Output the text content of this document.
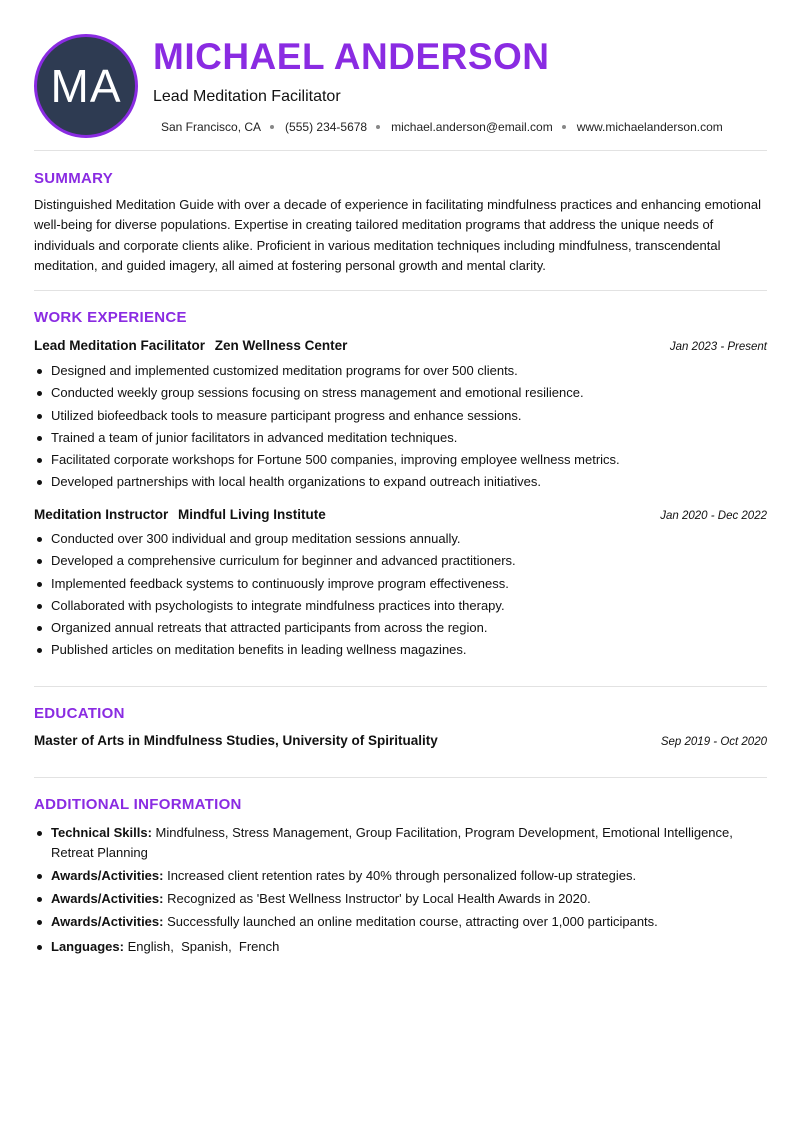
MA
MICHAEL ANDERSON
Lead Meditation Facilitator
San Francisco, CA (555) 234-5678 michael.anderson@email.com www.michaelanderson.com
SUMMARY
Distinguished Meditation Guide with over a decade of experience in facilitating mindfulness practices and enhancing emotional well-being for diverse populations. Expertise in creating tailored meditation programs that address the unique needs of individuals and corporate clients alike. Proficient in various meditation techniques including mindfulness, transcendental meditation, and guided imagery, all aimed at fostering personal growth and mental clarity.
WORK EXPERIENCE
Lead Meditation Facilitator Zen Wellness Center	Jan 2023 - Present
Designed and implemented customized meditation programs for over 500 clients.
Conducted weekly group sessions focusing on stress management and emotional resilience.
Utilized biofeedback tools to measure participant progress and enhance sessions.
Trained a team of junior facilitators in advanced meditation techniques.
Facilitated corporate workshops for Fortune 500 companies, improving employee wellness metrics.
Developed partnerships with local health organizations to expand outreach initiatives.
Meditation Instructor Mindful Living Institute	Jan 2020 - Dec 2022
Conducted over 300 individual and group meditation sessions annually.
Developed a comprehensive curriculum for beginner and advanced practitioners.
Implemented feedback systems to continuously improve program effectiveness.
Collaborated with psychologists to integrate mindfulness practices into therapy.
Organized annual retreats that attracted participants from across the region.
Published articles on meditation benefits in leading wellness magazines.
EDUCATION
Master of Arts in Mindfulness Studies, University of Spirituality	Sep 2019 - Oct 2020
ADDITIONAL INFORMATION
Technical Skills: Mindfulness, Stress Management, Group Facilitation, Program Development, Emotional Intelligence, Retreat Planning
Awards/Activities: Increased client retention rates by 40% through personalized follow-up strategies.
Awards/Activities: Recognized as 'Best Wellness Instructor' by Local Health Awards in 2020.
Awards/Activities: Successfully launched an online meditation course, attracting over 1,000 participants.
Languages: English , Spanish , French
